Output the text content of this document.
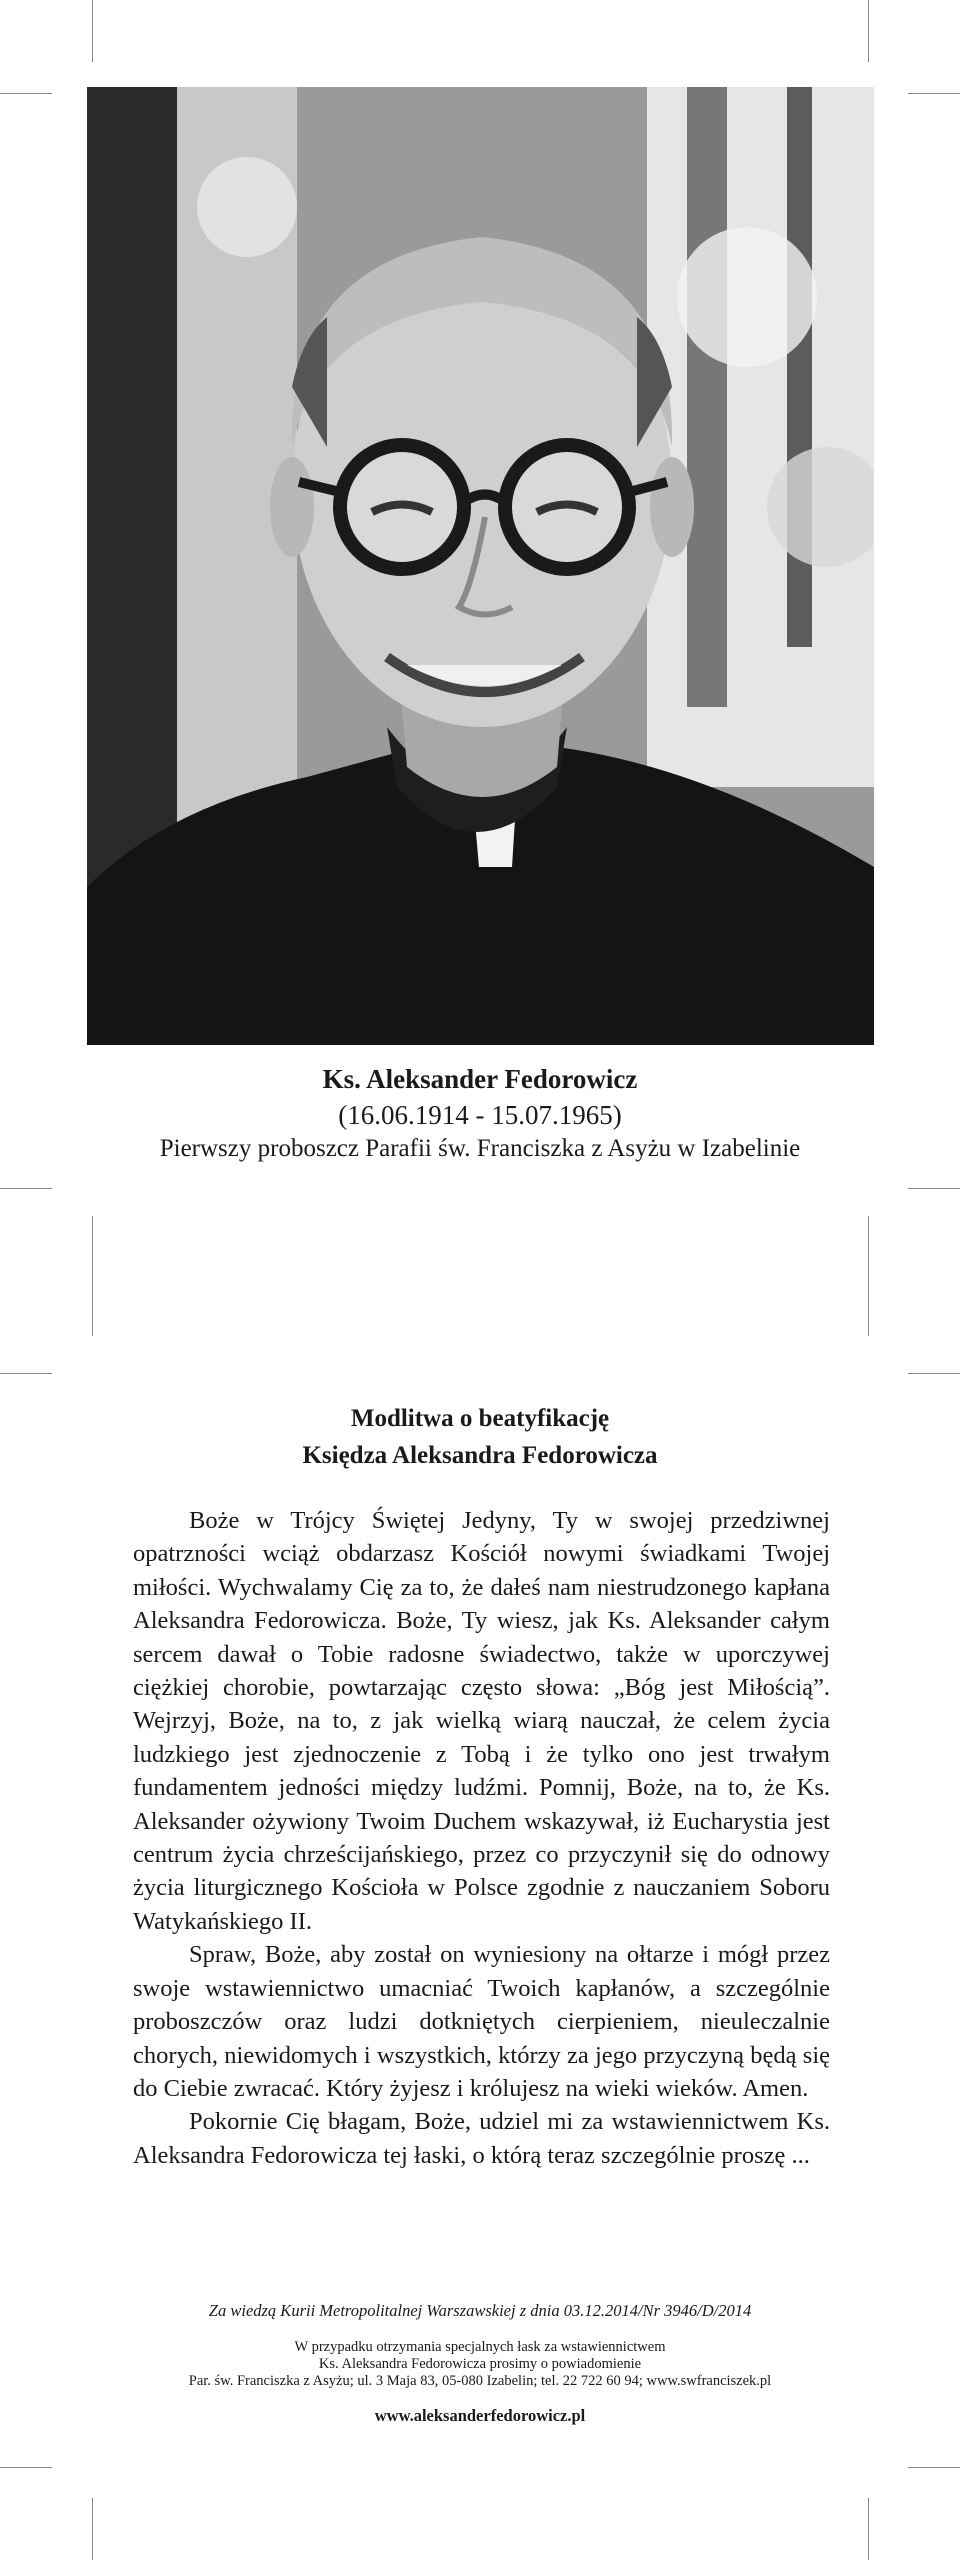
Ks. Aleksander Fedorowicz
(16.06.1914 - 15.07.1965)
Pierwszy proboszcz Parafii św. Franciszka z Asyżu w Izabelinie
Modlitwa o beatyfikację
Księdza Aleksandra Fedorowicza

Boże w Trójcy Świętej Jedyny, Ty w swojej przedziwnej opatrzności wciąż obdarzasz Kościół nowymi świadkami Twojej miłości. Wychwalamy Cię za to, że dałeś nam niestrudzonego kapłana Aleksandra Fedorowicza. Boże, Ty wiesz, jak Ks. Aleksander całym sercem dawał o Tobie radosne świadectwo, także w uporczywej ciężkiej chorobie, powtarzając często słowa: „Bóg jest Miłością”. Wejrzyj, Boże, na to, z jak wielką wiarą nauczał, że celem życia ludzkiego jest zjednoczenie z Tobą i że tylko ono jest trwałym fundamentem jedności między ludźmi. Pomnij, Boże, na to, że Ks. Aleksander ożywiony Twoim Duchem wskazywał, iż Eucharystia jest centrum życia chrześcijańskiego, przez co przyczynił się do odnowy życia liturgicznego Kościoła w Polsce zgodnie z nauczaniem Soboru Watykańskiego II.

Spraw, Boże, aby został on wyniesiony na ołtarze i mógł przez swoje wstawiennictwo umacniać Twoich kapłanów, a szczególnie proboszczów oraz ludzi dotkniętych cierpieniem, nieuleczalnie chorych, niewidomych i wszystkich, którzy za jego przyczyną będą się do Ciebie zwracać. Który żyjesz i królujesz na wieki wieków. Amen.

Pokornie Cię błagam, Boże, udziel mi za wstawiennictwem Ks. Aleksandra Fedorowicza tej łaski, o którą teraz szczególnie proszę ...

Za wiedzą Kurii Metropolitalnej Warszawskiej z dnia 03.12.2014/Nr 3946/D/2014
W przypadku otrzymania specjalnych łask za wstawiennictwem
Ks. Aleksandra Fedorowicza prosimy o powiadomienie
Par. św. Franciszka z Asyżu; ul. 3 Maja 83, 05-080 Izabelin; tel. 22 722 60 94; www.swfranciszek.pl
www.aleksanderfedorowicz.pl
